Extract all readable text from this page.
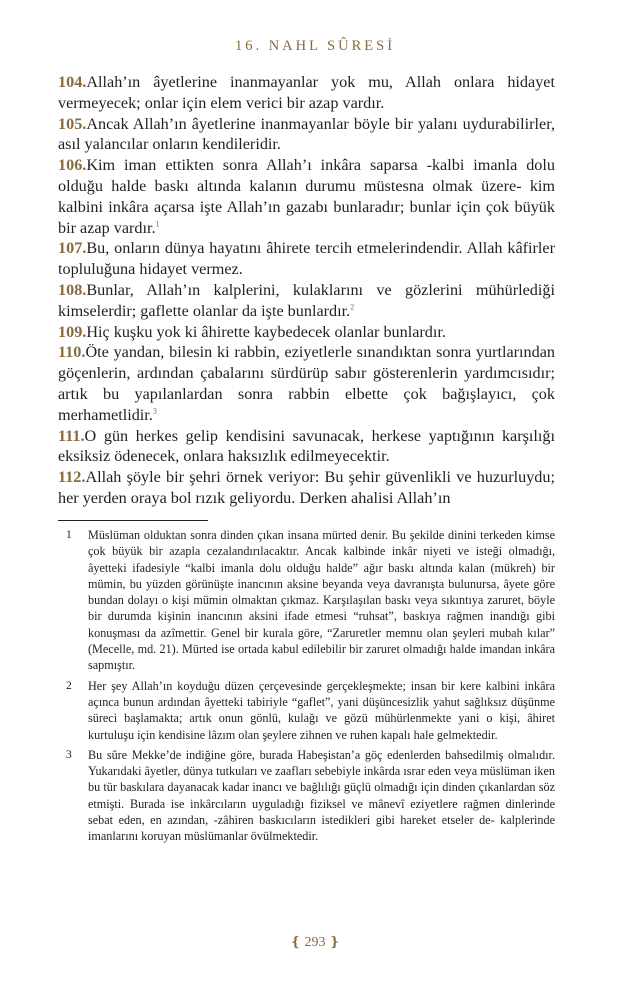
16. NAHL SÛRESİ

104.Allah’ın âyetlerine inanmayanlar yok mu, Allah onlara hidayet vermeyecek; onlar için elem verici bir azap vardır.

105.Ancak Allah’ın âyetlerine inanmayanlar böyle bir yalanı uydurabilirler, asıl yalancılar onların kendileridir.

106.Kim iman ettikten sonra Allah’ı inkâra saparsa -kalbi imanla dolu olduğu halde baskı altında kalanın durumu müstesna olmak üzere- kim kalbini inkâra açarsa işte Allah’ın gazabı bunlaradır; bunlar için çok büyük bir azap vardır.$^1$

107.Bu, onların dünya hayatını âhirete tercih etmelerindendir. Allah kâfirler topluluğuna hidayet vermez.

108.Bunlar, Allah’ın kalplerini, kulaklarını ve gözlerini mühürlediği kimselerdir; gaflette olanlar da işte bunlardır.$^2$

109.Hiç kuşku yok ki âhirette kaybedecek olanlar bunlardır.

110.Öte yandan, bilesin ki rabbin, eziyetlerle sınandıktan sonra yurtlarından göçenlerin, ardından çabalarını sürdürüp sabır gösterenlerin yardımcısıdır; artık bu yapılanlardan sonra rabbin elbette çok bağışlayıcı, çok merhametlidir.$^3$

111.O gün herkes gelip kendisini savunacak, herkese yaptığının karşılığı eksiksiz ödenecek, onlara haksızlık edilmeyecektir.

112.Allah şöyle bir şehri örnek veriyor: Bu şehir güvenlikli ve huzurluydu; her yerden oraya bol rızık geliyordu. Derken ahalisi Allah’ın

1	Müslüman olduktan sonra dinden çıkan insana mürted denir. Bu şekilde dinini terkeden kimse çok büyük bir azapla cezalandırılacaktır. Ancak kalbinde inkâr niyeti ve isteği olmadığı, âyetteki ifadesiyle “kalbi imanla dolu olduğu halde” ağır baskı altında kalan (mükreh) bir mümin, bu yüzden görünüşte inancının aksine beyanda veya davranışta bulunursa, âyete göre bundan dolayı o kişi mümin olmaktan çıkmaz. Karşılaşılan baskı veya sıkıntıya zaruret, böyle bir durumda kişinin inancının aksini ifade etmesi “ruhsat”, baskıya rağmen inandığı gibi konuşması da azîmettir. Genel bir kurala göre, “Zaruretler memnu olan şeyleri mubah kılar” (Mecelle, md. 21). Mürted ise ortada kabul edilebilir bir zaruret olmadığı halde imandan inkâra sapmıştır.
2	Her şey Allah’ın koyduğu düzen çerçevesinde gerçekleşmekte; insan bir kere kalbini inkâra açınca bunun ardından âyetteki tabiriyle “gaflet”, yani düşüncesizlik yahut sağlıksız düşünme süreci başlamakta; artık onun gönlü, kulağı ve gözü mühürlenmekte yani o kişi, âhiret kurtuluşu için kendisine lâzım olan şeylere zihnen ve ruhen kapalı hale gelmektedir.
3	Bu sûre Mekke’de indiğine göre, burada Habeşistan’a göç edenlerden bahsedilmiş olmalıdır. Yukarıdaki âyetler, dünya tutkuları ve zaafları sebebiyle inkârda ısrar eden veya müslüman iken bu tür baskılara dayanacak kadar inancı ve bağlılığı güçlü olmadığı için dinden çıkanlardan söz etmişti. Burada ise inkârcıların uyguladığı fiziksel ve mânevî eziyetlere rağmen dinlerinde sebat eden, en azından, -zâhiren baskıcıların istedikleri gibi hareket etseler de- kalplerinde imanlarını koruyan müslümanlar övülmektedir.
❴ 293 ❵
